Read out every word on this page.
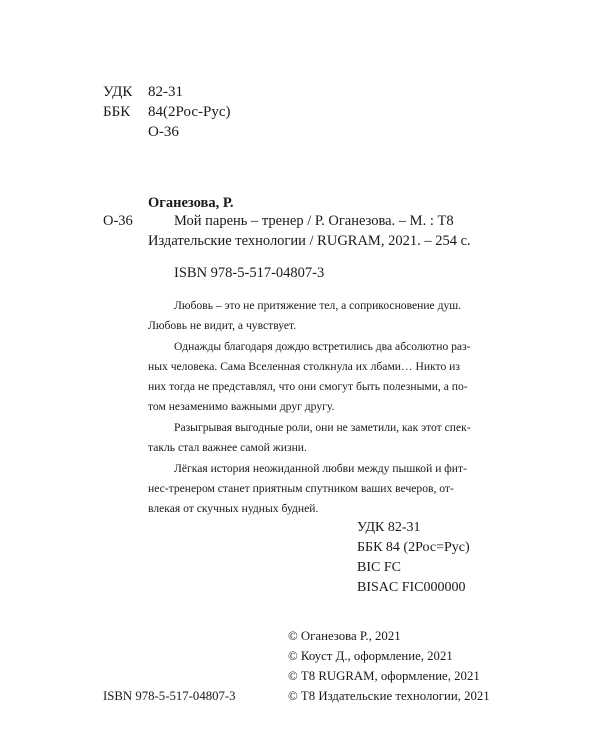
УДК 82-31
ББК 84(2Рос-Рус)
О-36
Оганезова, Р.
О-36	Мой парень – тренер / Р. Оганезова. – М. : Т8
Издательские технологии / RUGRAM, 2021. – 254 с.
ISBN 978-5-517-04807-3
Любовь – это не притяжение тел, а соприкосновение душ.
Любовь не видит, а чувствует.
Однажды благодаря дождю встретились два абсолютно раз-
ных человека. Сама Вселенная столкнула их лбами… Никто из
них тогда не представлял, что они смогут быть полезными, а по-
том незаменимо важными друг другу.
Разыгрывая выгодные роли, они не заметили, как этот спек-
такль стал важнее самой жизни.
Лёгкая история неожиданной любви между пышкой и фит-
нес-тренером станет приятным спутником ваших вечеров, от-
влекая от скучных нудных будней.
УДК 82-31
ББК 84 (2Рос=Рус)
BIC FC
BISAC FIC000000
© Оганезова Р., 2021
© Коуст Д., оформление, 2021
© Т8 RUGRAM, оформление, 2021
© Т8 Издательские технологии, 2021
ISBN 978-5-517-04807-3
